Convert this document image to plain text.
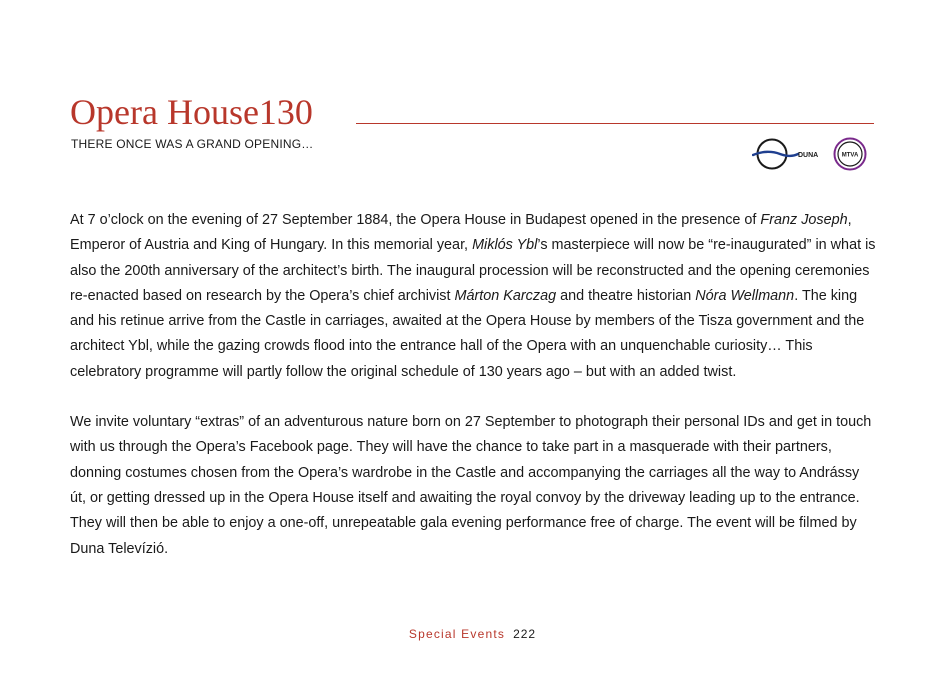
Opera House130
THERE ONCE WAS A GRAND OPENING…
DUNA	MTVA

At 7 o’clock on the evening of 27 September 1884, the Opera House in Budapest opened in the presence of Franz Joseph, Emperor of Austria and King of Hungary. In this memorial year, Miklós Ybl’s masterpiece will now be “re-inaugurated” in what is also the 200th anniversary of the architect’s birth. The inaugural procession will be reconstructed and the opening ceremonies re-enacted based on research by the Opera’s chief archivist Márton Karczag and theatre historian Nóra Wellmann. The king and his retinue arrive from the Castle in carriages, awaited at the Opera House by members of the Tisza government and the architect Ybl, while the gazing crowds flood into the entrance hall of the Opera with an unquenchable curiosity… This celebratory programme will partly follow the original schedule of 130 years ago – but with an added twist.

We invite voluntary “extras” of an adventurous nature born on 27 September to photograph their personal IDs and get in touch with us through the Opera’s Facebook page. They will have the chance to take part in a masquerade with their partners, donning costumes chosen from the Opera’s wardrobe in the Castle and accompanying the carriages all the way to Andrássy út, or getting dressed up in the Opera House itself and awaiting the royal convoy by the driveway leading up to the entrance. They will then be able to enjoy a one-off, unrepeatable gala evening performance free of charge. The event will be filmed by Duna Televízió.

Special Events 222
